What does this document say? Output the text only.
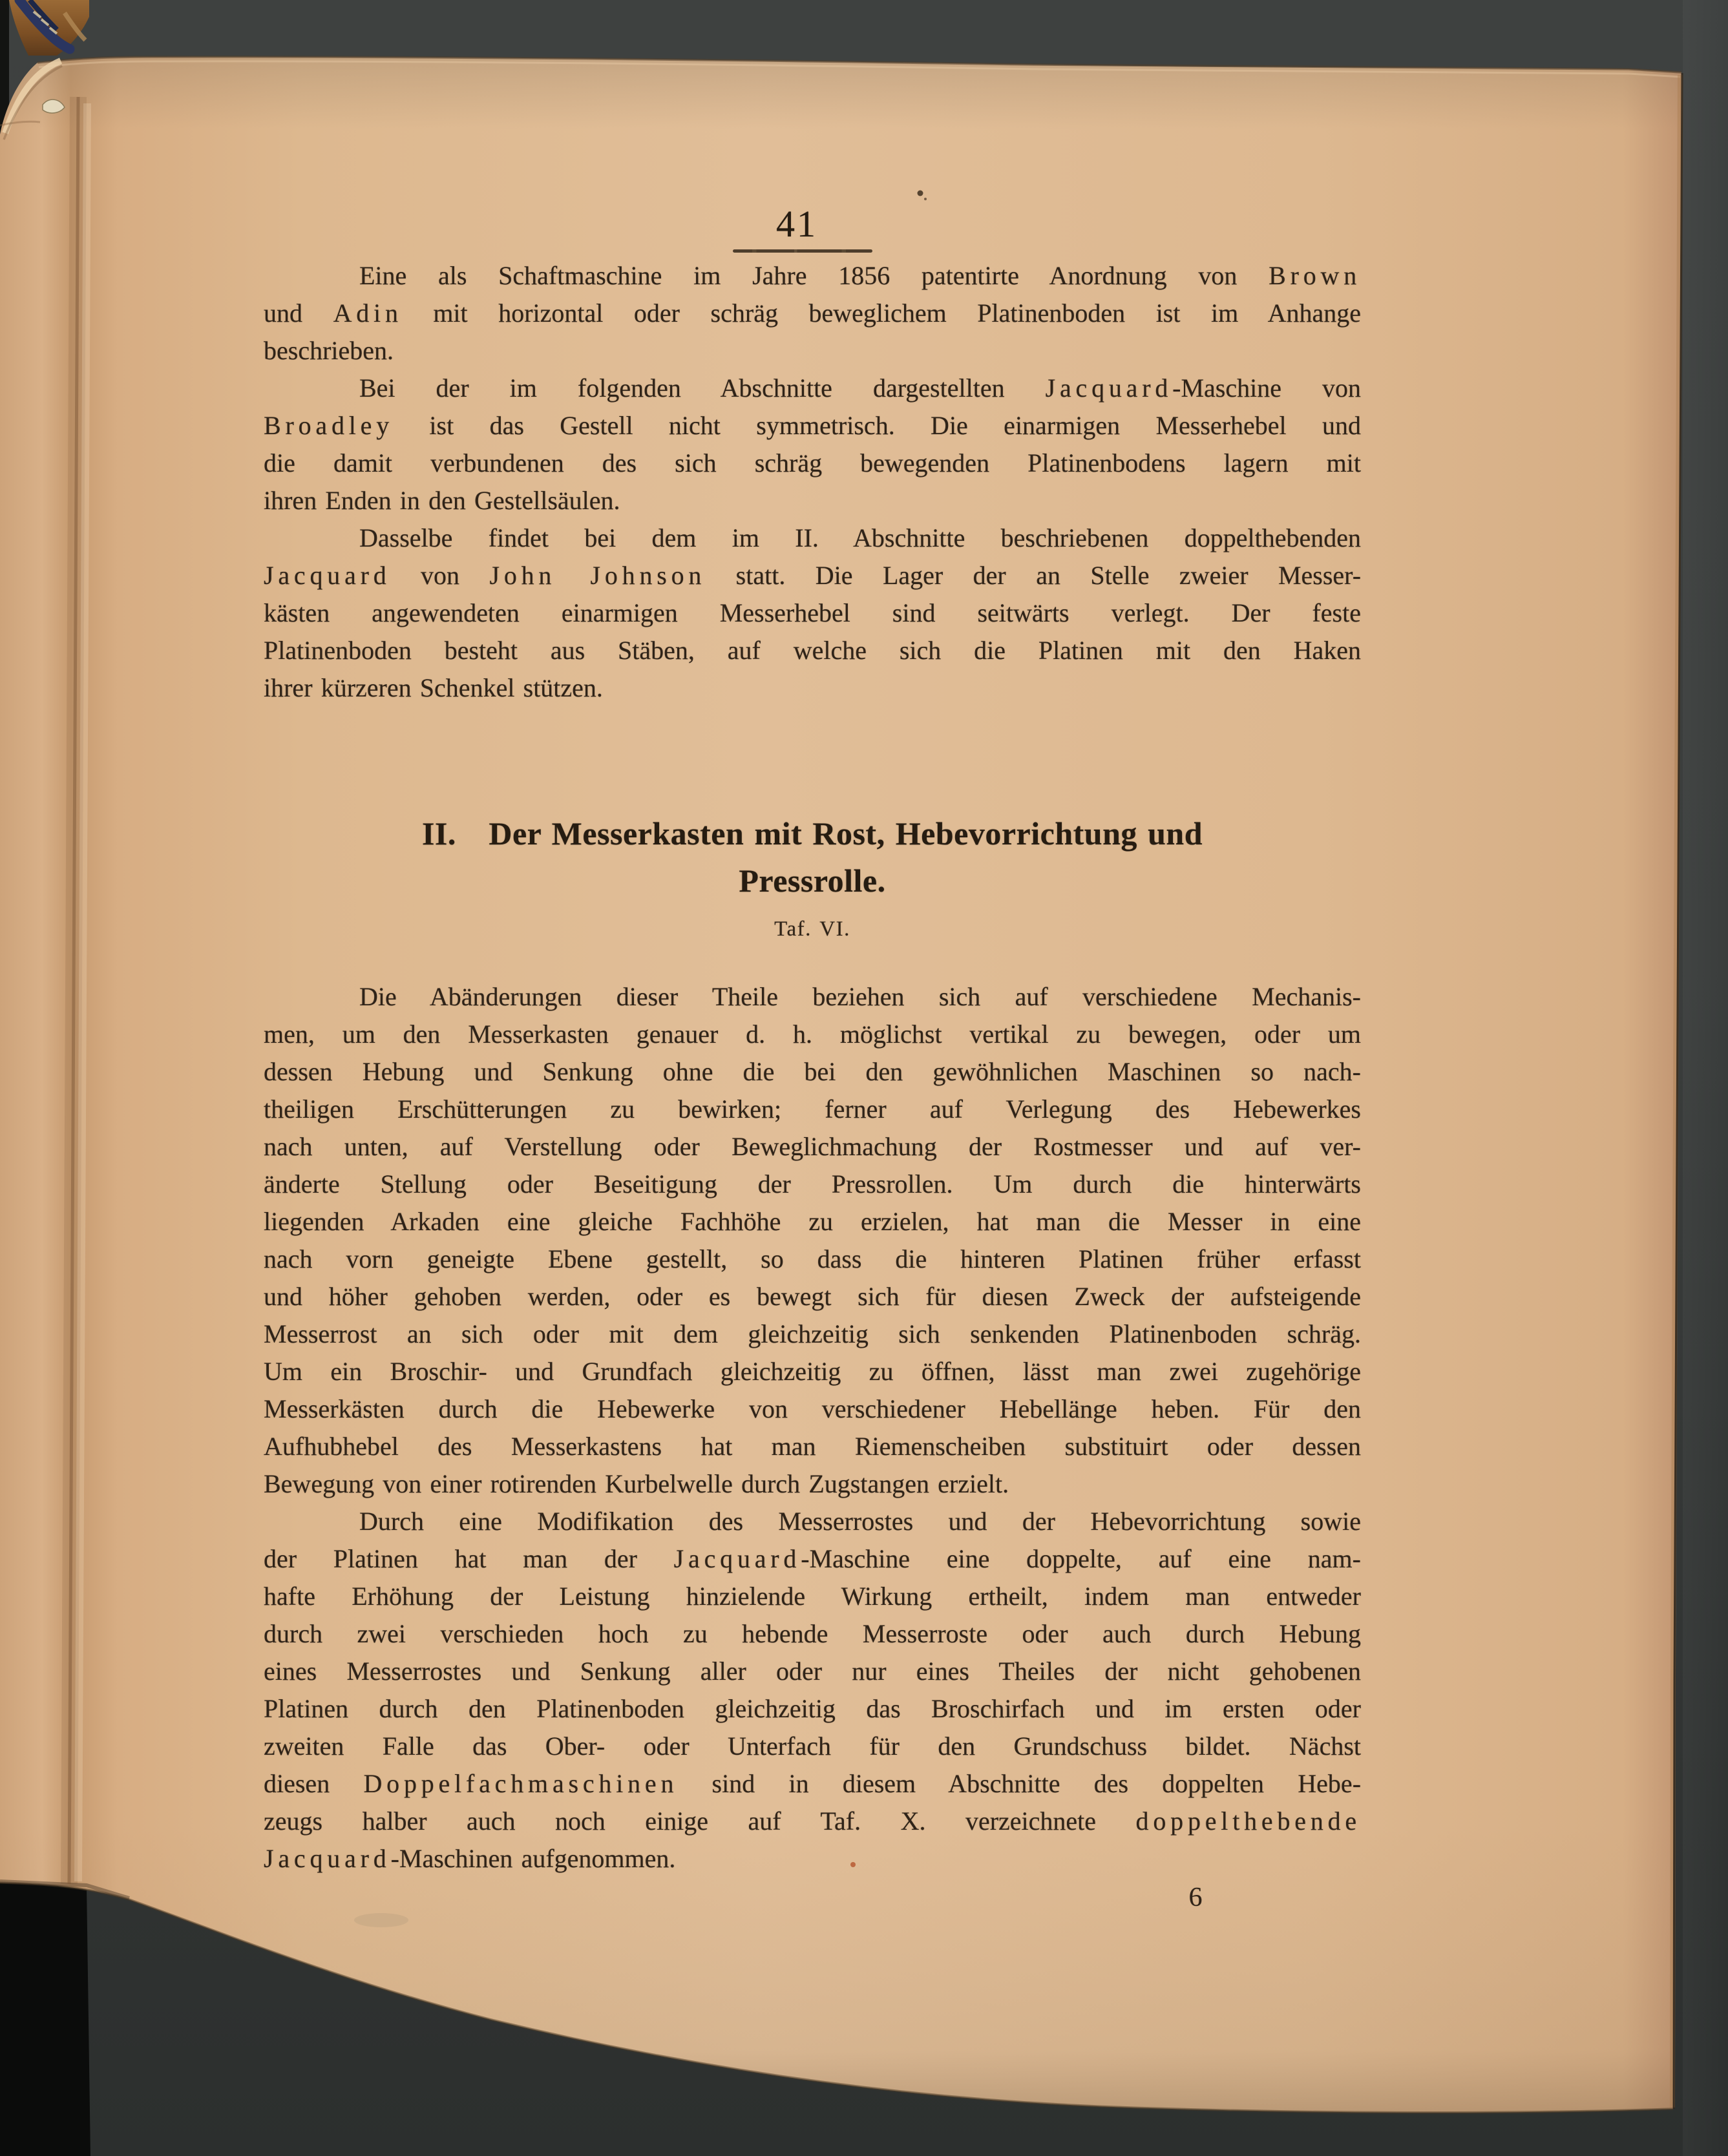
41
Eine als Schaftmaschine im Jahre 1856 patentirte Anordnung von Brown
und Adin mit horizontal oder schräg beweglichem Platinenboden ist im Anhange
beschrieben.
Bei der im folgenden Abschnitte dargestellten Jacquard-Maschine von
Broadley ist das Gestell nicht symmetrisch. Die einarmigen Messerhebel und
die damit verbundenen des sich schräg bewegenden Platinenbodens lagern mit
ihren Enden in den Gestellsäulen.
Dasselbe findet bei dem im II. Abschnitte beschriebenen doppelthebenden
Jacquard von John Johnson statt. Die Lager der an Stelle zweier Messer-
kästen angewendeten einarmigen Messerhebel sind seitwärts verlegt. Der feste
Platinenboden besteht aus Stäben, auf welche sich die Platinen mit den Haken
ihrer kürzeren Schenkel stützen.
II. Der Messerkasten mit Rost, Hebevorrichtung und
Pressrolle.
Taf. VI.
Die Abänderungen dieser Theile beziehen sich auf verschiedene Mechanis-
men, um den Messerkasten genauer d. h. möglichst vertikal zu bewegen, oder um
dessen Hebung und Senkung ohne die bei den gewöhnlichen Maschinen so nach-
theiligen Erschütterungen zu bewirken; ferner auf Verlegung des Hebewerkes
nach unten, auf Verstellung oder Beweglichmachung der Rostmesser und auf ver-
änderte Stellung oder Beseitigung der Pressrollen. Um durch die hinterwärts
liegenden Arkaden eine gleiche Fachhöhe zu erzielen, hat man die Messer in eine
nach vorn geneigte Ebene gestellt, so dass die hinteren Platinen früher erfasst
und höher gehoben werden, oder es bewegt sich für diesen Zweck der aufsteigende
Messerrost an sich oder mit dem gleichzeitig sich senkenden Platinenboden schräg.
Um ein Broschir- und Grundfach gleichzeitig zu öffnen, lässt man zwei zugehörige
Messerkästen durch die Hebewerke von verschiedener Hebellänge heben. Für den
Aufhubhebel des Messerkastens hat man Riemenscheiben substituirt oder dessen
Bewegung von einer rotirenden Kurbelwelle durch Zugstangen erzielt.
Durch eine Modifikation des Messerrostes und der Hebevorrichtung sowie
der Platinen hat man der Jacquard-Maschine eine doppelte, auf eine nam-
hafte Erhöhung der Leistung hinzielende Wirkung ertheilt, indem man entweder
durch zwei verschieden hoch zu hebende Messerroste oder auch durch Hebung
eines Messerrostes und Senkung aller oder nur eines Theiles der nicht gehobenen
Platinen durch den Platinenboden gleichzeitig das Broschirfach und im ersten oder
zweiten Falle das Ober- oder Unterfach für den Grundschuss bildet. Nächst
diesen Doppelfachmaschinen sind in diesem Abschnitte des doppelten Hebe-
zeugs halber auch noch einige auf Taf. X. verzeichnete doppelthebende
Jacquard-Maschinen aufgenommen.
6
